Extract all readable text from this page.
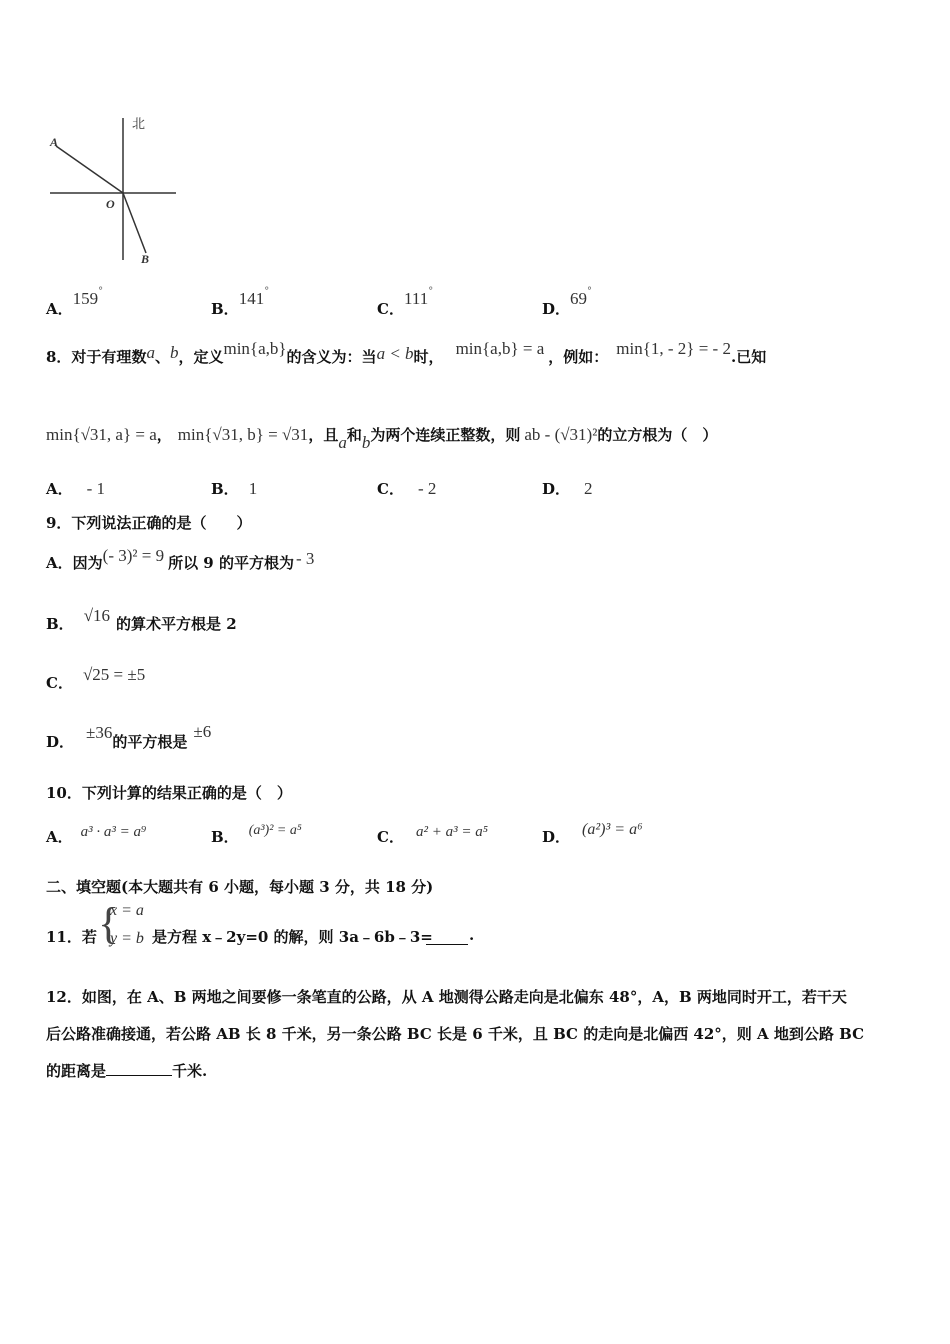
北
A
O
B
A．159°
B．141°
C．111°
D．69°
8．对于有理数a、b，定义min{a,b}的含义为：当a < b时， min{a,b} = a ，例如： min{1, - 2} = - 2.已知
min{√31, a} = a， min{√31, b} = √31，且a和b为两个连续正整数，则 ab - (√31)²的立方根为（　）
A． - 1	B． 1	C． - 2	D． 2
9．下列说法正确的是（　　）
A．因为(- 3)² = 9 所以 9 的平方根为 - 3
B． √16 的算术平方根是 2
C． √25 = ±5
D． ±36的平方根是±6
10．下列计算的结果正确的是（　）
A． a³ · a³ = a⁹	B． (a³)² = a⁵	C． a² + a³ = a⁵	D． (a²)³ = a⁶
二、填空题(本大题共有 6 小题，每小题 3 分，共 18 分)
11．若 {
x = a
y = b 是方程 x﹣2y=0 的解，则 3a﹣6b﹣3= .
12．如图，在 A、B 两地之间要修一条笔直的公路，从 A 地测得公路走向是北偏东 48°，A，B 两地同时开工，若干天
后公路准确接通，若公路 AB 长 8 千米，另一条公路 BC 长是 6 千米，且 BC 的走向是北偏西 42°，则 A 地到公路 BC
的距离是	千米.
